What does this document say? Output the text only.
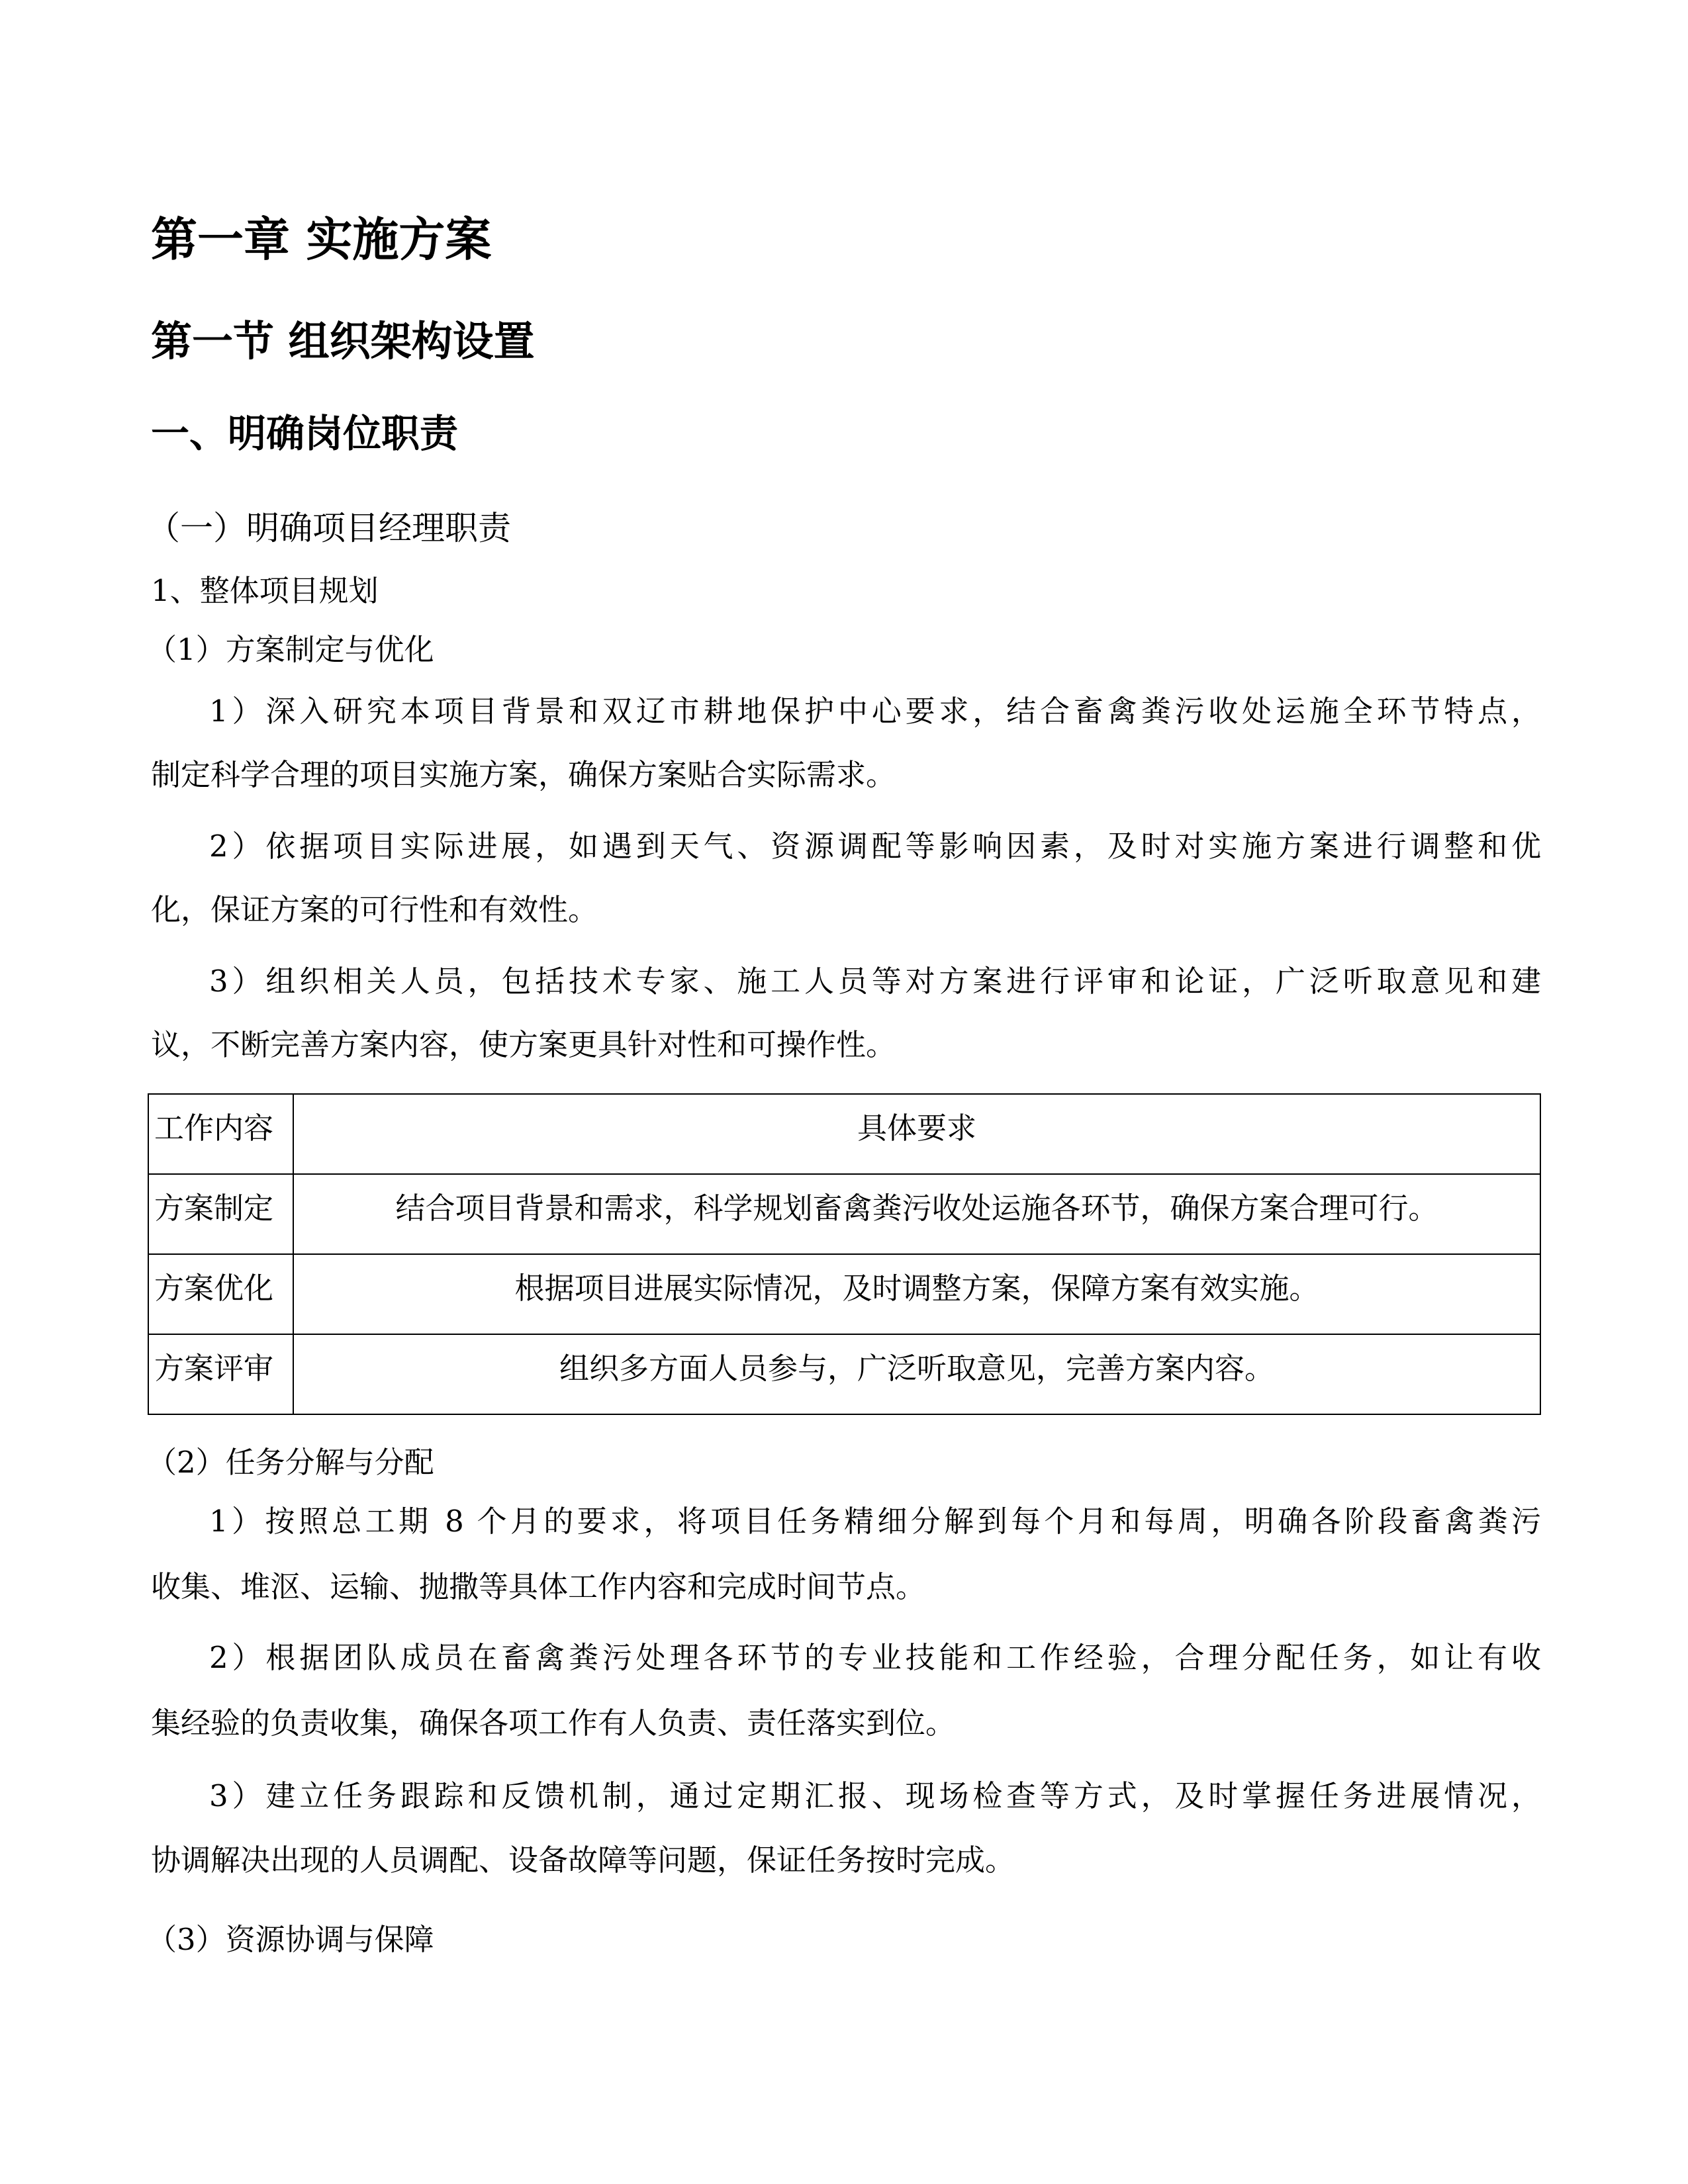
第一章 实施方案
第一节 组织架构设置
一、明确岗位职责
（一）明确项目经理职责
1、整体项目规划
（1）方案制定与优化
1）深入研究本项目背景和双辽市耕地保护中心要求，结合畜禽粪污收处运施全环节特点，
制定科学合理的项目实施方案，确保方案贴合实际需求。
2）依据项目实际进展，如遇到天气、资源调配等影响因素，及时对实施方案进行调整和优
化，保证方案的可行性和有效性。
3）组织相关人员，包括技术专家、施工人员等对方案进行评审和论证，广泛听取意见和建
议，不断完善方案内容，使方案更具针对性和可操作性。
工作内容	具体要求
方案制定	结合项目背景和需求，科学规划畜禽粪污收处运施各环节，确保方案合理可行。
方案优化	根据项目进展实际情况，及时调整方案，保障方案有效实施。
方案评审	组织多方面人员参与，广泛听取意见，完善方案内容。
（2）任务分解与分配
1）按照总工期 8 个月的要求，将项目任务精细分解到每个月和每周，明确各阶段畜禽粪污
收集、堆沤、运输、抛撒等具体工作内容和完成时间节点。
2）根据团队成员在畜禽粪污处理各环节的专业技能和工作经验，合理分配任务，如让有收
集经验的负责收集，确保各项工作有人负责、责任落实到位。
3）建立任务跟踪和反馈机制，通过定期汇报、现场检查等方式，及时掌握任务进展情况，
协调解决出现的人员调配、设备故障等问题，保证任务按时完成。
（3）资源协调与保障
